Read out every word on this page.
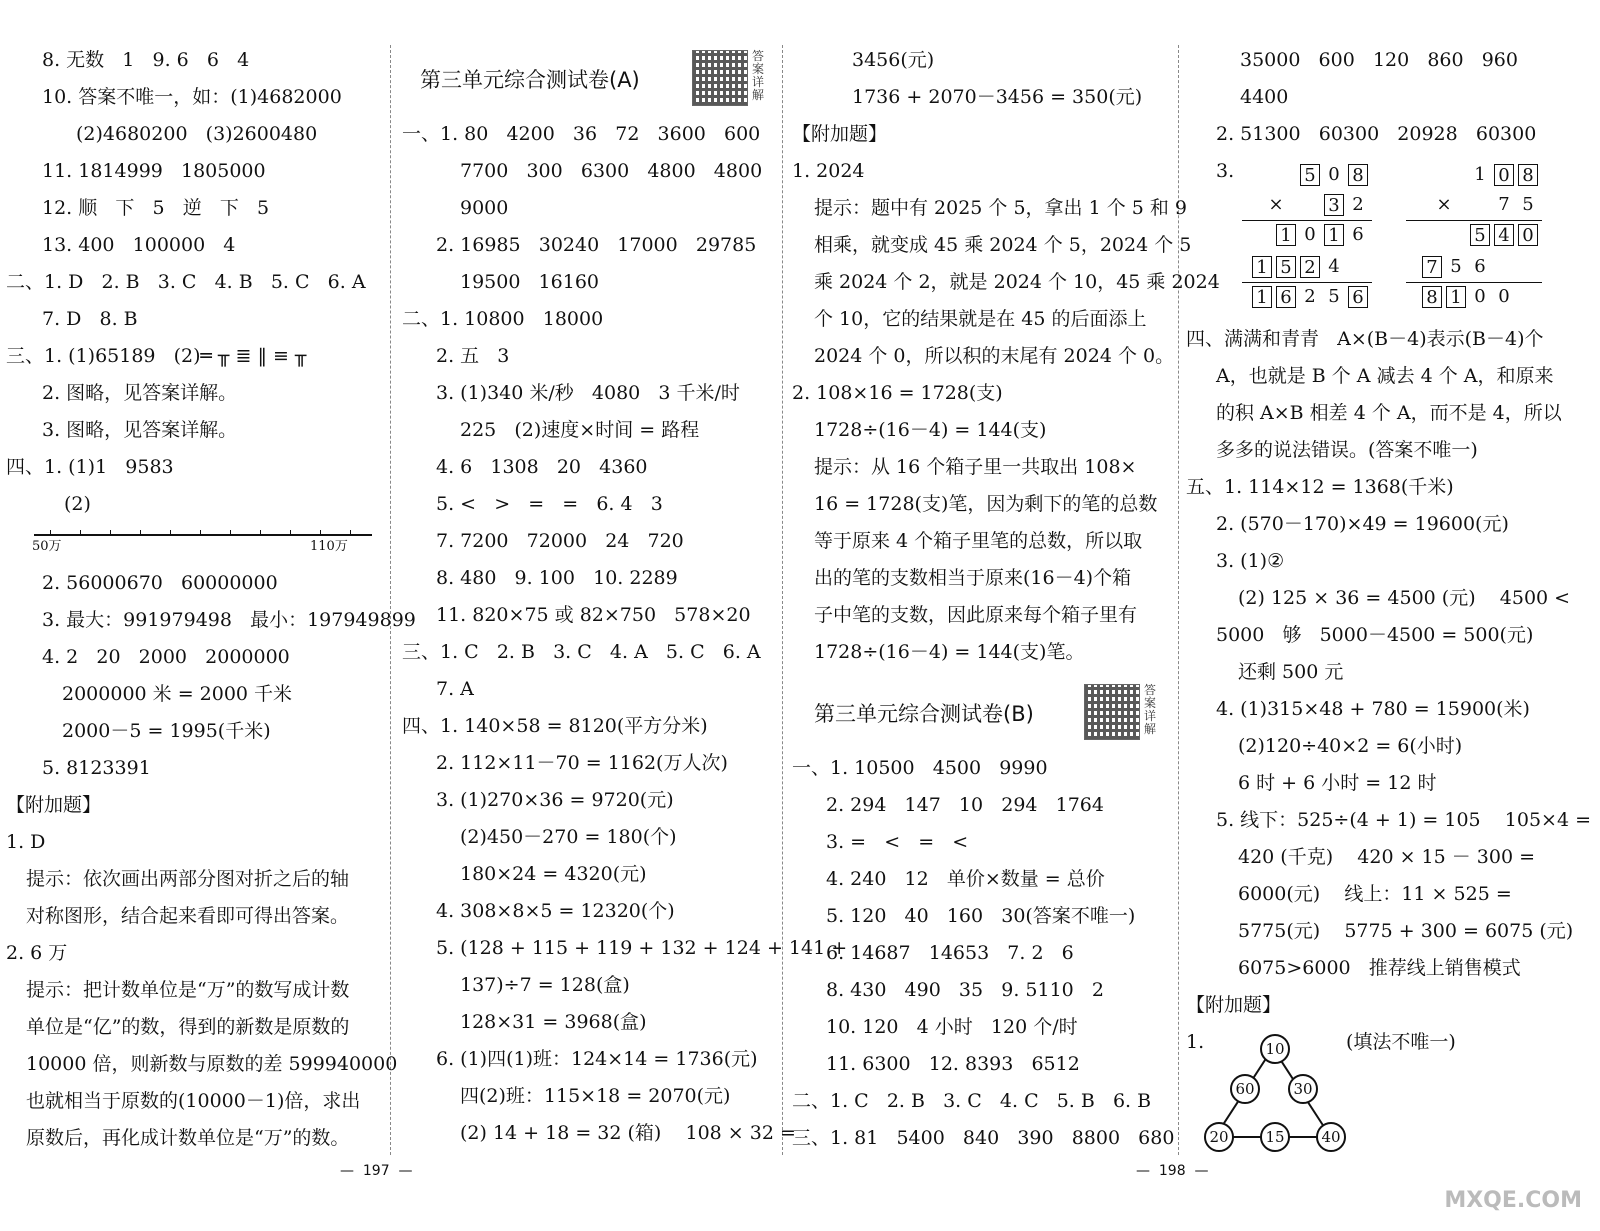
8. 无数   1   9. 6   6   4
10. 答案不唯一，如：(1)4682000
(2)4680200   (3)2600480
11. 1814999   1805000
12. 顺   下   5   逆   下   5
13. 400   100000   4
二、1. D   2. B   3. C   4. B   5. C   6. A
7. D   8. B
三、1. (1)65189   (2)═ ╥ ≣ ‖ ≡ ╥
2. 图略，见答案详解。
3. 图略，见答案详解。
四、1. (1)1   9583
(2)
50万	110万
2. 56000670   60000000
3. 最大：991979498   最小：197949899
4. 2   20   2000   2000000
2000000 米 = 2000 千米
2000－5 = 1995(千米)
5. 8123391
【附加题】
1. D
提示：依次画出两部分图对折之后的轴
对称图形，结合起来看即可得出答案。
2. 6 万
提示：把计数单位是“万”的数写成计数
单位是“亿”的数，得到的新数是原数的
10000 倍，则新数与原数的差 599940000
也就相当于原数的(10000－1)倍，求出
原数后，再化成计数单位是“万”的数。
第三单元综合测试卷(A)
答案详解
一、1. 80   4200   36   72   3600   600
7700   300   6300   4800   4800
9000
2. 16985   30240   17000   29785
19500   16160
二、1. 10800   18000
2. 五   3
3. (1)340 米/秒   4080   3 千米/时
225   (2)速度×时间 = 路程
4. 6   1308   20   4360
5. <   >   =   =   6. 4   3
7. 7200   72000   24   720
8. 480   9. 100   10. 2289
11. 820×75 或 82×750   578×20
三、1. C   2. B   3. C   4. A   5. C   6. A
7. A
四、1. 140×58 = 8120(平方分米)
2. 112×11－70 = 1162(万人次)
3. (1)270×36 = 9720(元)
(2)450－270 = 180(个)
180×24 = 4320(元)
4. 308×8×5 = 12320(个)
5. (128 + 115 + 119 + 132 + 124 + 141 +
137)÷7 = 128(盒)
128×31 = 3968(盒)
6. (1)四(1)班：124×14 = 1736(元)
四(2)班：115×18 = 2070(元)
(2) 14 + 18 = 32 (箱)    108 × 32 =
3456(元)
1736 + 2070－3456 = 350(元)
【附加题】
1. 2024
提示：题中有 2025 个 5，拿出 1 个 5 和 9
相乘，就变成 45 乘 2024 个 5，2024 个 5
乘 2024 个 2，就是 2024 个 10，45 乘 2024
个 10，它的结果就是在 45 的后面添上
2024 个 0，所以积的末尾有 2024 个 0。
2. 108×16 = 1728(支)
1728÷(16－4) = 144(支)
提示：从 16 个箱子里一共取出 108×
16 = 1728(支)笔，因为剩下的笔的总数
等于原来 4 个箱子里笔的总数，所以取
出的笔的支数相当于原来(16－4)个箱
子中笔的支数，因此原来每个箱子里有
1728÷(16－4) = 144(支)笔。
第三单元综合测试卷(B)
答案详解
一、1. 10500   4500   9990
2. 294   147   10   294   1764
3. =   <   =   <
4. 240   12   单价×数量 = 总价
5. 120   40   160   30(答案不唯一)
6. 14687   14653   7. 2   6
8. 430   490   35   9. 5110   2
10. 120   4 小时   120 个/时
11. 6300   12. 8393   6512
二、1. C   2. B   3. C   4. C   5. B   6. B
三、1. 81   5400   840   390   8800   680
35000   600   120   860   960
4400
2. 51300   60300   20928   60300
3.	5 0 8
× 3 2
1 0 1 6
1 5 2 4
1 6 2 5 6
1 0 8
×	7 5
5 4 0
7 5 6
8 1 0 0
四、满满和青青   A×(B－4)表示(B－4)个
A，也就是 B 个 A 减去 4 个 A，和原来
的积 A×B 相差 4 个 A，而不是 4，所以
多多的说法错误。(答案不唯一)
五、1. 114×12 = 1368(千米)
2. (570－170)×49 = 19600(元)
3. (1)②
(2) 125 × 36 = 4500 (元)    4500 <
5000   够   5000－4500 = 500(元)
还剩 500 元
4. (1)315×48 + 780 = 15900(米)
(2)120÷40×2 = 6(小时)
6 时 + 6 小时 = 12 时
5. 线下：525÷(4 + 1) = 105    105×4 =
420 (千克)    420 × 15 － 300 =
6000(元)    线上：11 × 525 =
5775(元)    5775 + 300 = 6075 (元)
6075>6000   推荐线上销售模式
【附加题】
1.	(填法不唯一)
10
60	30
20	15	40
—  197  —	—  198  —
MXQE.COM
